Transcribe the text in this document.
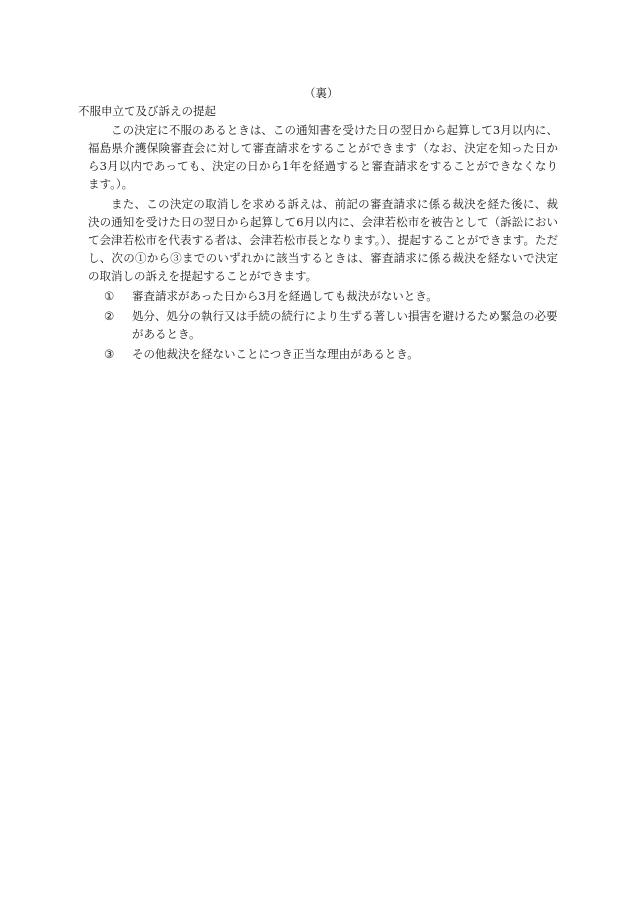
（裏）
不服申立て及び訴えの提起

この決定に不服のあるときは、この通知書を受けた日の翌日から起算して3月以内に、福島県介護保険審査会に対して審査請求をすることができます（なお、決定を知った日から3月以内であっても、決定の日から1年を経過すると審査請求をすることができなくなります。）。

また、この決定の取消しを求める訴えは、前記の審査請求に係る裁決を経た後に、裁決の通知を受けた日の翌日から起算して6月以内に、会津若松市を被告として（訴訟において会津若松市を代表する者は、会津若松市長となります。）、提起することができます。ただし、次の①から③までのいずれかに該当するときは、審査請求に係る裁決を経ないで決定の取消しの訴えを提起することができます。

①	審査請求があった日から3月を経過しても裁決がないとき。
②	処分、処分の執行又は手続の続行により生ずる著しい損害を避けるため緊急の必要があるとき。
③	その他裁決を経ないことにつき正当な理由があるとき。
